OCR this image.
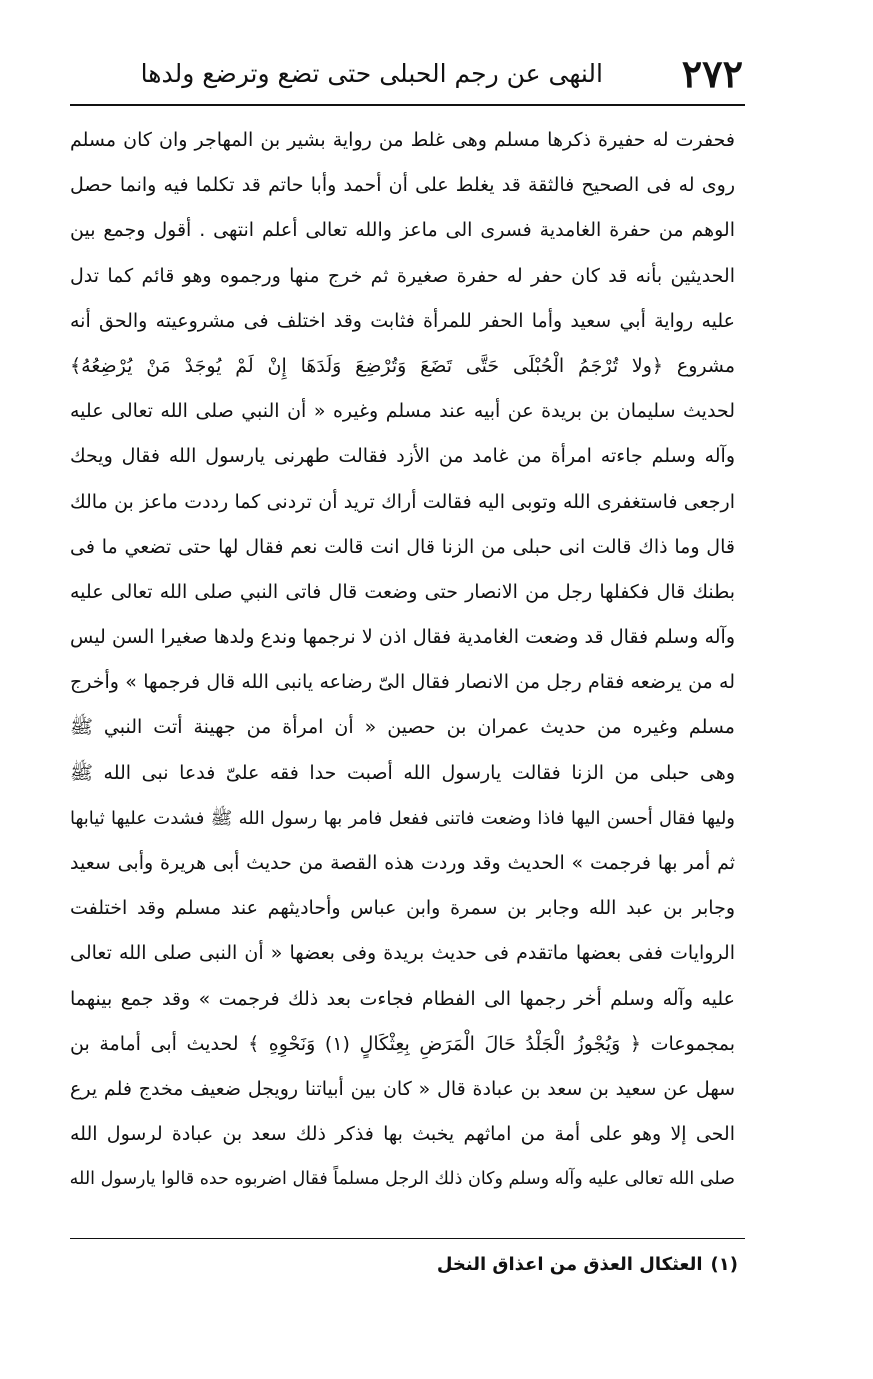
٢٧٢
النهى عن رجم الحبلى حتى تضع وترضع ولدها
فحفرت له حفيرة ذكرها مسلم وهى غلط من رواية بشير بن المهاجر وان كان مسلم
روى له فى الصحيح فالثقة قد يغلط على أن أحمد وأبا حاتم قد تكلما فيه وانما حصل
الوهم من حفرة الغامدية فسرى الى ماعز والله تعالى أعلم انتهى . أقول وجمع بين
الحديثين بأنه قد كان حفر له حفرة صغيرة ثم خرج منها ورجموه وهو قائم كما تدل
عليه رواية أبي سعيد وأما الحفر للمرأة فثابت وقد اختلف فى مشروعيته والحق أنه
مشروع ﴿ولا تُرْجَمُ الْحُبْلَى حَتَّى تَضَعَ وَتُرْضِعَ وَلَدَهَا إِنْ لَمْ يُوجَدْ مَنْ يُرْضِعُهُ﴾
لحديث سليمان بن بريدة عن أبيه عند مسلم وغيره « أن النبي صلى الله تعالى عليه
وآله وسلم جاءته امرأة من غامد من الأزد فقالت طهرنى يارسول الله فقال ويحك
ارجعى فاستغفرى الله وتوبى اليه فقالت أراك تريد أن تردنى كما رددت ماعز بن مالك
قال وما ذاك قالت انى حبلى من الزنا قال انت قالت نعم فقال لها حتى تضعي ما فى
بطنك قال فكفلها رجل من الانصار حتى وضعت قال فاتى النبي صلى الله تعالى عليه
وآله وسلم فقال قد وضعت الغامدية فقال اذن لا نرجمها وندع ولدها صغيرا السن ليس
له من يرضعه فقام رجل من الانصار فقال الىّ رضاعه يانبى الله قال فرجمها » وأخرج
مسلم وغيره من حديث عمران بن حصين « أن امرأة من جهينة أتت النبي ﷺ
وهى حبلى من الزنا فقالت يارسول الله أصبت حدا فقه علىّ فدعا نبى الله ﷺ
وليها فقال أحسن اليها فاذا وضعت فاتنى ففعل فامر بها رسول الله ﷺ فشدت عليها ثيابها
ثم أمر بها فرجمت » الحديث وقد وردت هذه القصة من حديث أبى هريرة وأبى سعيد
وجابر بن عبد الله وجابر بن سمرة وابن عباس وأحاديثهم عند مسلم وقد اختلفت
الروايات ففى بعضها ماتقدم فى حديث بريدة وفى بعضها « أن النبى صلى الله تعالى
عليه وآله وسلم أخر رجمها الى الفطام فجاءت بعد ذلك فرجمت » وقد جمع بينهما
بمجموعات ﴿ وَيُجْوزُ الْجَلْدُ حَالَ الْمَرَضِ بِعِثْكَالٍ (١) وَنَحْوِهِ ﴾ لحديث أبى أمامة بن
سهل عن سعيد بن سعد بن عبادة قال « كان بين أبياتنا رويجل ضعيف مخدج فلم يرع
الحى إلا وهو على أمة من اماثهم يخبث بها فذكر ذلك سعد بن عبادة لرسول الله
صلى الله تعالى عليه وآله وسلم وكان ذلك الرجل مسلماً فقال اضربوه حده قالوا يارسول الله
(١)العثكال العذق من اعذاق النخل
